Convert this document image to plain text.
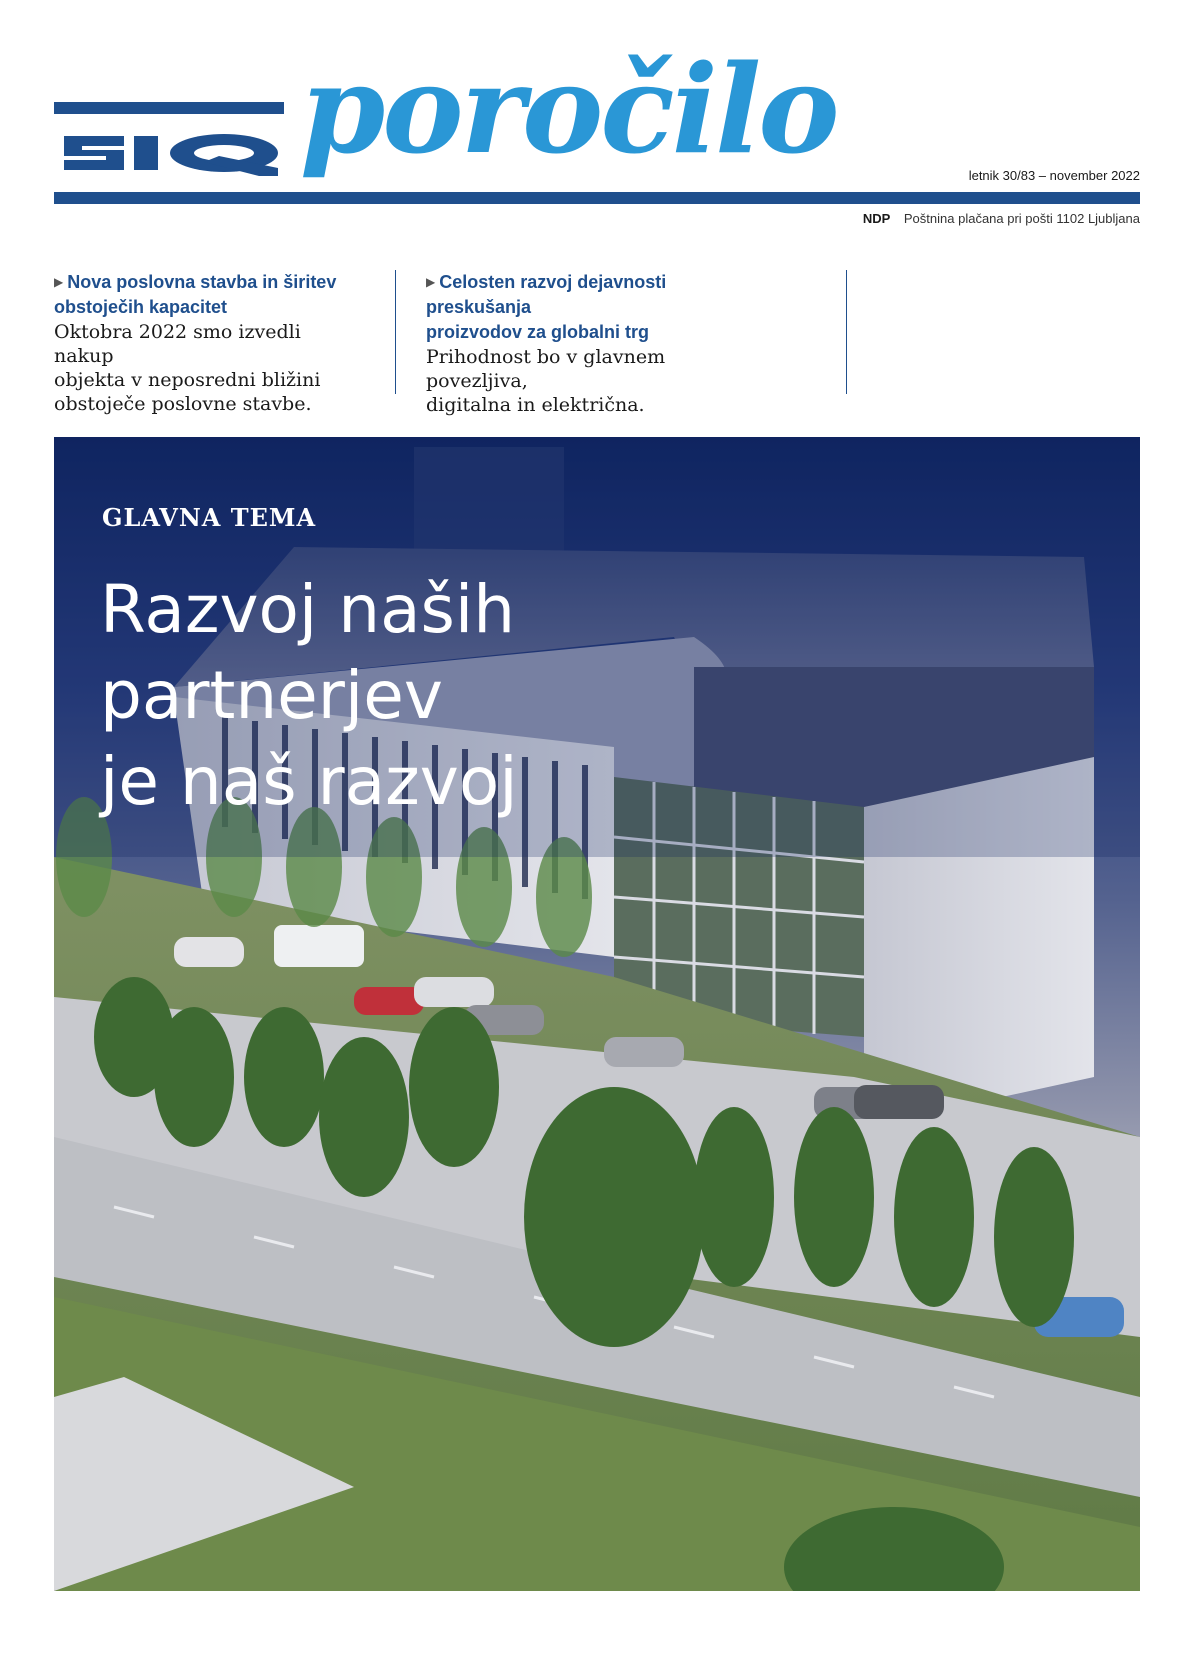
poročilo	letnik 30/83 – november 2022
NDP Poštnina plačana pri pošti 1102 Ljubljana

▶ Nova poslovna stavba in širitev
obstoječih kapacitet

Oktobra 2022 smo izvedli nakup
objekta v neposredni bližini
obstoječe poslovne stavbe.

▶ Celosten razvoj dejavnosti preskušanja
proizvodov za globalni trg

Prihodnost bo v glavnem povezljiva,
digitalna in električna.

GLAVNA TEMA

Razvoj naših
partnerjev
je naš razvoj
